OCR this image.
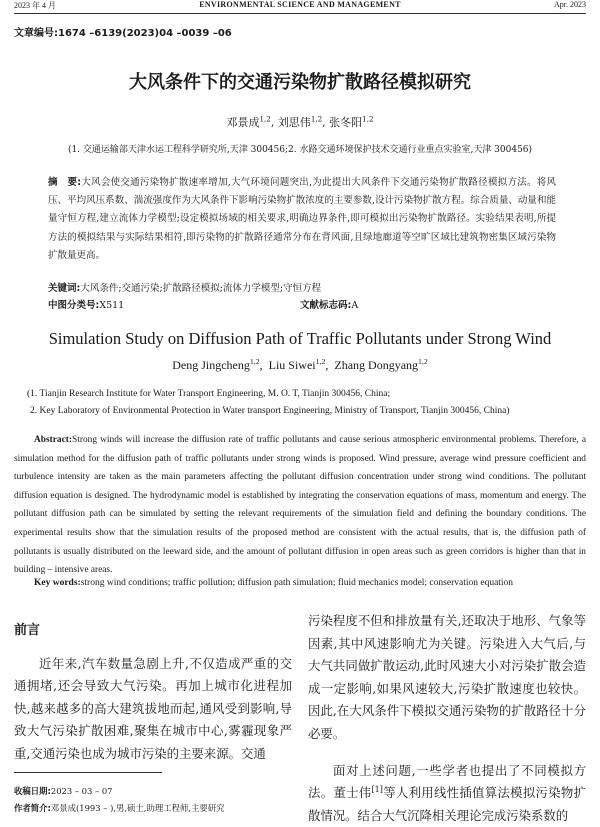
2023 年 4 月	ENVIRONMENTAL SCIENCE AND MANAGEMENT	Apr. 2023
文章编号:1674 –6139(2023)04 –0039 –06
大风条件下的交通污染物扩散路径模拟研究
邓景成$^{1,2}$, 刘思伟$^{1,2}$, 张冬阳$^{1,2}$
(1. 交通运输部天津水运工程科学研究所,天津 300456;2. 水路交通环境保护技术交通行业重点实验室,天津 300456)
摘　要:大风会使交通污染物扩散速率增加,大气环境问题突出,为此提出大风条件下交通污染物扩散路径模拟方法。将风压、平均风压系数、湍流强度作为大风条件下影响污染物扩散浓度的主要参数,设计污染物扩散方程。综合质量、动量和能量守恒方程,建立流体力学模型;设定模拟场域的相关要求,明确边界条件,即可模拟出污染物扩散路径。实验结果表明,所提方法的模拟结果与实际结果相符,即污染物的扩散路径通常分布在背风面,且绿地廊道等空旷区域比建筑物密集区域污染物扩散量更高。
关键词:大风条件;交通污染;扩散路径模拟;流体力学模型;守恒方程
中图分类号:X511	文献标志码:A
Simulation Study on Diffusion Path of Traffic Pollutants under Strong Wind
Deng Jingcheng$^{1,2}$,  Liu Siwei$^{1,2}$,  Zhang Dongyang$^{1,2}$
(1. Tianjin Research Institute for Water Transport Engineering, M. O. T, Tianjin 300456, China;
2. Key Laboratory of Environmental Protection in Water transport Engineering, Ministry of Transport, Tianjin 300456, China)
Abstract:Strong winds will increase the diffusion rate of traffic pollutants and cause serious atmospheric environmental problems. Therefore, a simulation method for the diffusion path of traffic pollutants under strong winds is proposed. Wind pressure, average wind pressure coefficient and turbulence intensity are taken as the main parameters affecting the pollutant diffusion concentration under strong wind conditions. The pollutant diffusion equation is designed. The hydrodynamic model is established by integrating the conservation equations of mass, momentum and energy. The pollutant diffusion path can be simulated by setting the relevant requirements of the simulation field and defining the boundary conditions. The experimental results show that the simulation results of the proposed method are consistent with the actual results, that is, the diffusion path of pollutants is usually distributed on the leeward side, and the amount of pollutant diffusion in open areas such as green corridors is higher than that in building – intensive areas.
Key words:strong wind conditions; traffic pollution; diffusion path simulation; fluid mechanics model; conservation equation
前言

近年来,汽车数量急剧上升,不仅造成严重的交通拥堵,还会导致大气污染。再加上城市化进程加快,越来越多的高大建筑拔地而起,通风受到影响,导致大气污染扩散困难,聚集在城市中心,雾霾现象严重,交通污染也成为城市污染的主要来源。交通

污染程度不但和排放量有关,还取决于地形、气象等因素,其中风速影响尤为关键。污染进入大气后,与大气共同做扩散运动,此时风速大小对污染扩散会造成一定影响,如果风速较大,污染扩散速度也较快。因此,在大风条件下模拟交通污染物的扩散路径十分必要。

面对上述问题,一些学者也提出了不同模拟方法。董士伟[1]等人利用线性插值算法模拟污染物扩散情况。结合大气沉降相关理论完成污染系数的

收稿日期:2023 – 03 – 07
作者简介:邓景成(1993 – ),男,硕士,助理工程师,主要研究
